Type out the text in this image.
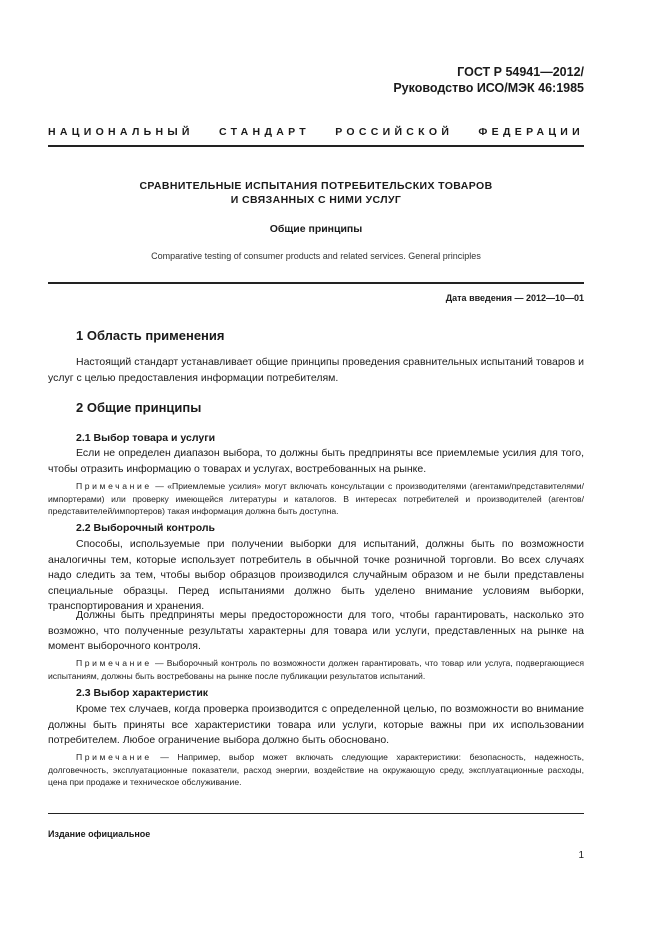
ГОСТ Р 54941—2012/
Руководство ИСО/МЭК 46:1985
НАЦИОНАЛЬНЫЙ СТАНДАРТ РОССИЙСКОЙ ФЕДЕРАЦИИ
СРАВНИТЕЛЬНЫЕ ИСПЫТАНИЯ ПОТРЕБИТЕЛЬСКИХ ТОВАРОВ
И СВЯЗАННЫХ С НИМИ УСЛУГ
Общие принципы
Comparative testing of consumer products and related services. General principles
Дата введения — 2012—10—01
1 Область применения
Настоящий стандарт устанавливает общие принципы проведения сравнительных испытаний товаров и услуг с целью предоставления информации потребителям.
2 Общие принципы
2.1 Выбор товара и услуги
Если не определен диапазон выбора, то должны быть предприняты все приемлемые усилия для того, чтобы отразить информацию о товарах и услугах, востребованных на рынке.
Примечание — «Приемлемые усилия» могут включать консультации с производителями (агентами/представителями/импортерами) или проверку имеющейся литературы и каталогов. В интересах потребителей и производителей (агентов/представителей/импортеров) такая информация должна быть доступна.
2.2 Выборочный контроль
Способы, используемые при получении выборки для испытаний, должны быть по возможности аналогичны тем, которые использует потребитель в обычной точке розничной торговли. Во всех случаях надо следить за тем, чтобы выбор образцов производился случайным образом и не были представлены специальные образцы. Перед испытаниями должно быть уделено внимание условиям выборки, транспортирования и хранения.
Должны быть предприняты меры предосторожности для того, чтобы гарантировать, насколько это возможно, что полученные результаты характерны для товара или услуги, представленных на рынке на момент выборочного контроля.
Примечание — Выборочный контроль по возможности должен гарантировать, что товар или услуга, подвергающиеся испытаниям, должны быть востребованы на рынке после публикации результатов испытаний.
2.3 Выбор характеристик
Кроме тех случаев, когда проверка производится с определенной целью, по возможности во внимание должны быть приняты все характеристики товара или услуги, которые важны при их использовании потребителем. Любое ограничение выбора должно быть обосновано.
Примечание — Например, выбор может включать следующие характеристики: безопасность, надежность, долговечность, эксплуатационные показатели, расход энергии, воздействие на окружающую среду, эксплуатационные расходы, цена при продаже и техническое обслуживание.
Издание официальное
1
